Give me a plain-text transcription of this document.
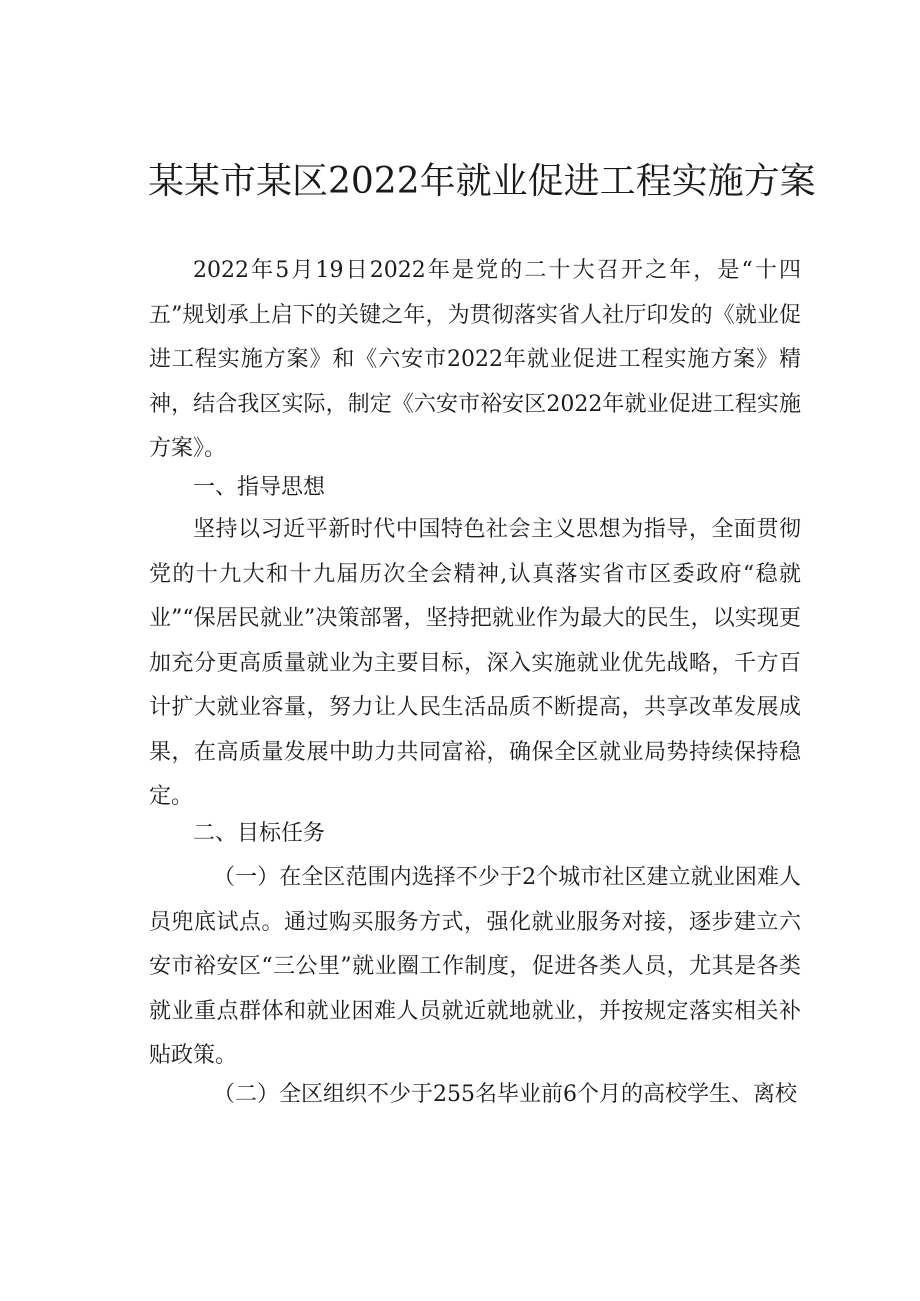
某某市某区2022年就业促进工程实施方案

2022年5月19日2022年是党的二十大召开之年，是“十四五”规划承上启下的关键之年，为贯彻落实省人社厅印发的《就业促进工程实施方案》和《六安市2022年就业促进工程实施方案》精神，结合我区实际，制定《六安市裕安区2022年就业促进工程实施方案》。

一、指导思想

坚持以习近平新时代中国特色社会主义思想为指导，全面贯彻党的十九大和十九届历次全会精神,认真落实省市区委政府“稳就业”“保居民就业”决策部署，坚持把就业作为最大的民生，以实现更加充分更高质量就业为主要目标，深入实施就业优先战略，千方百计扩大就业容量，努力让人民生活品质不断提高，共享改革发展成果，在高质量发展中助力共同富裕，确保全区就业局势持续保持稳定。

二、目标任务

（一）在全区范围内选择不少于2个城市社区建立就业困难人员兜底试点。通过购买服务方式，强化就业服务对接，逐步建立六安市裕安区“三公里”就业圈工作制度，促进各类人员，尤其是各类就业重点群体和就业困难人员就近就地就业，并按规定落实相关补贴政策。

（二）全区组织不少于255名毕业前6个月的高校学生、离校
